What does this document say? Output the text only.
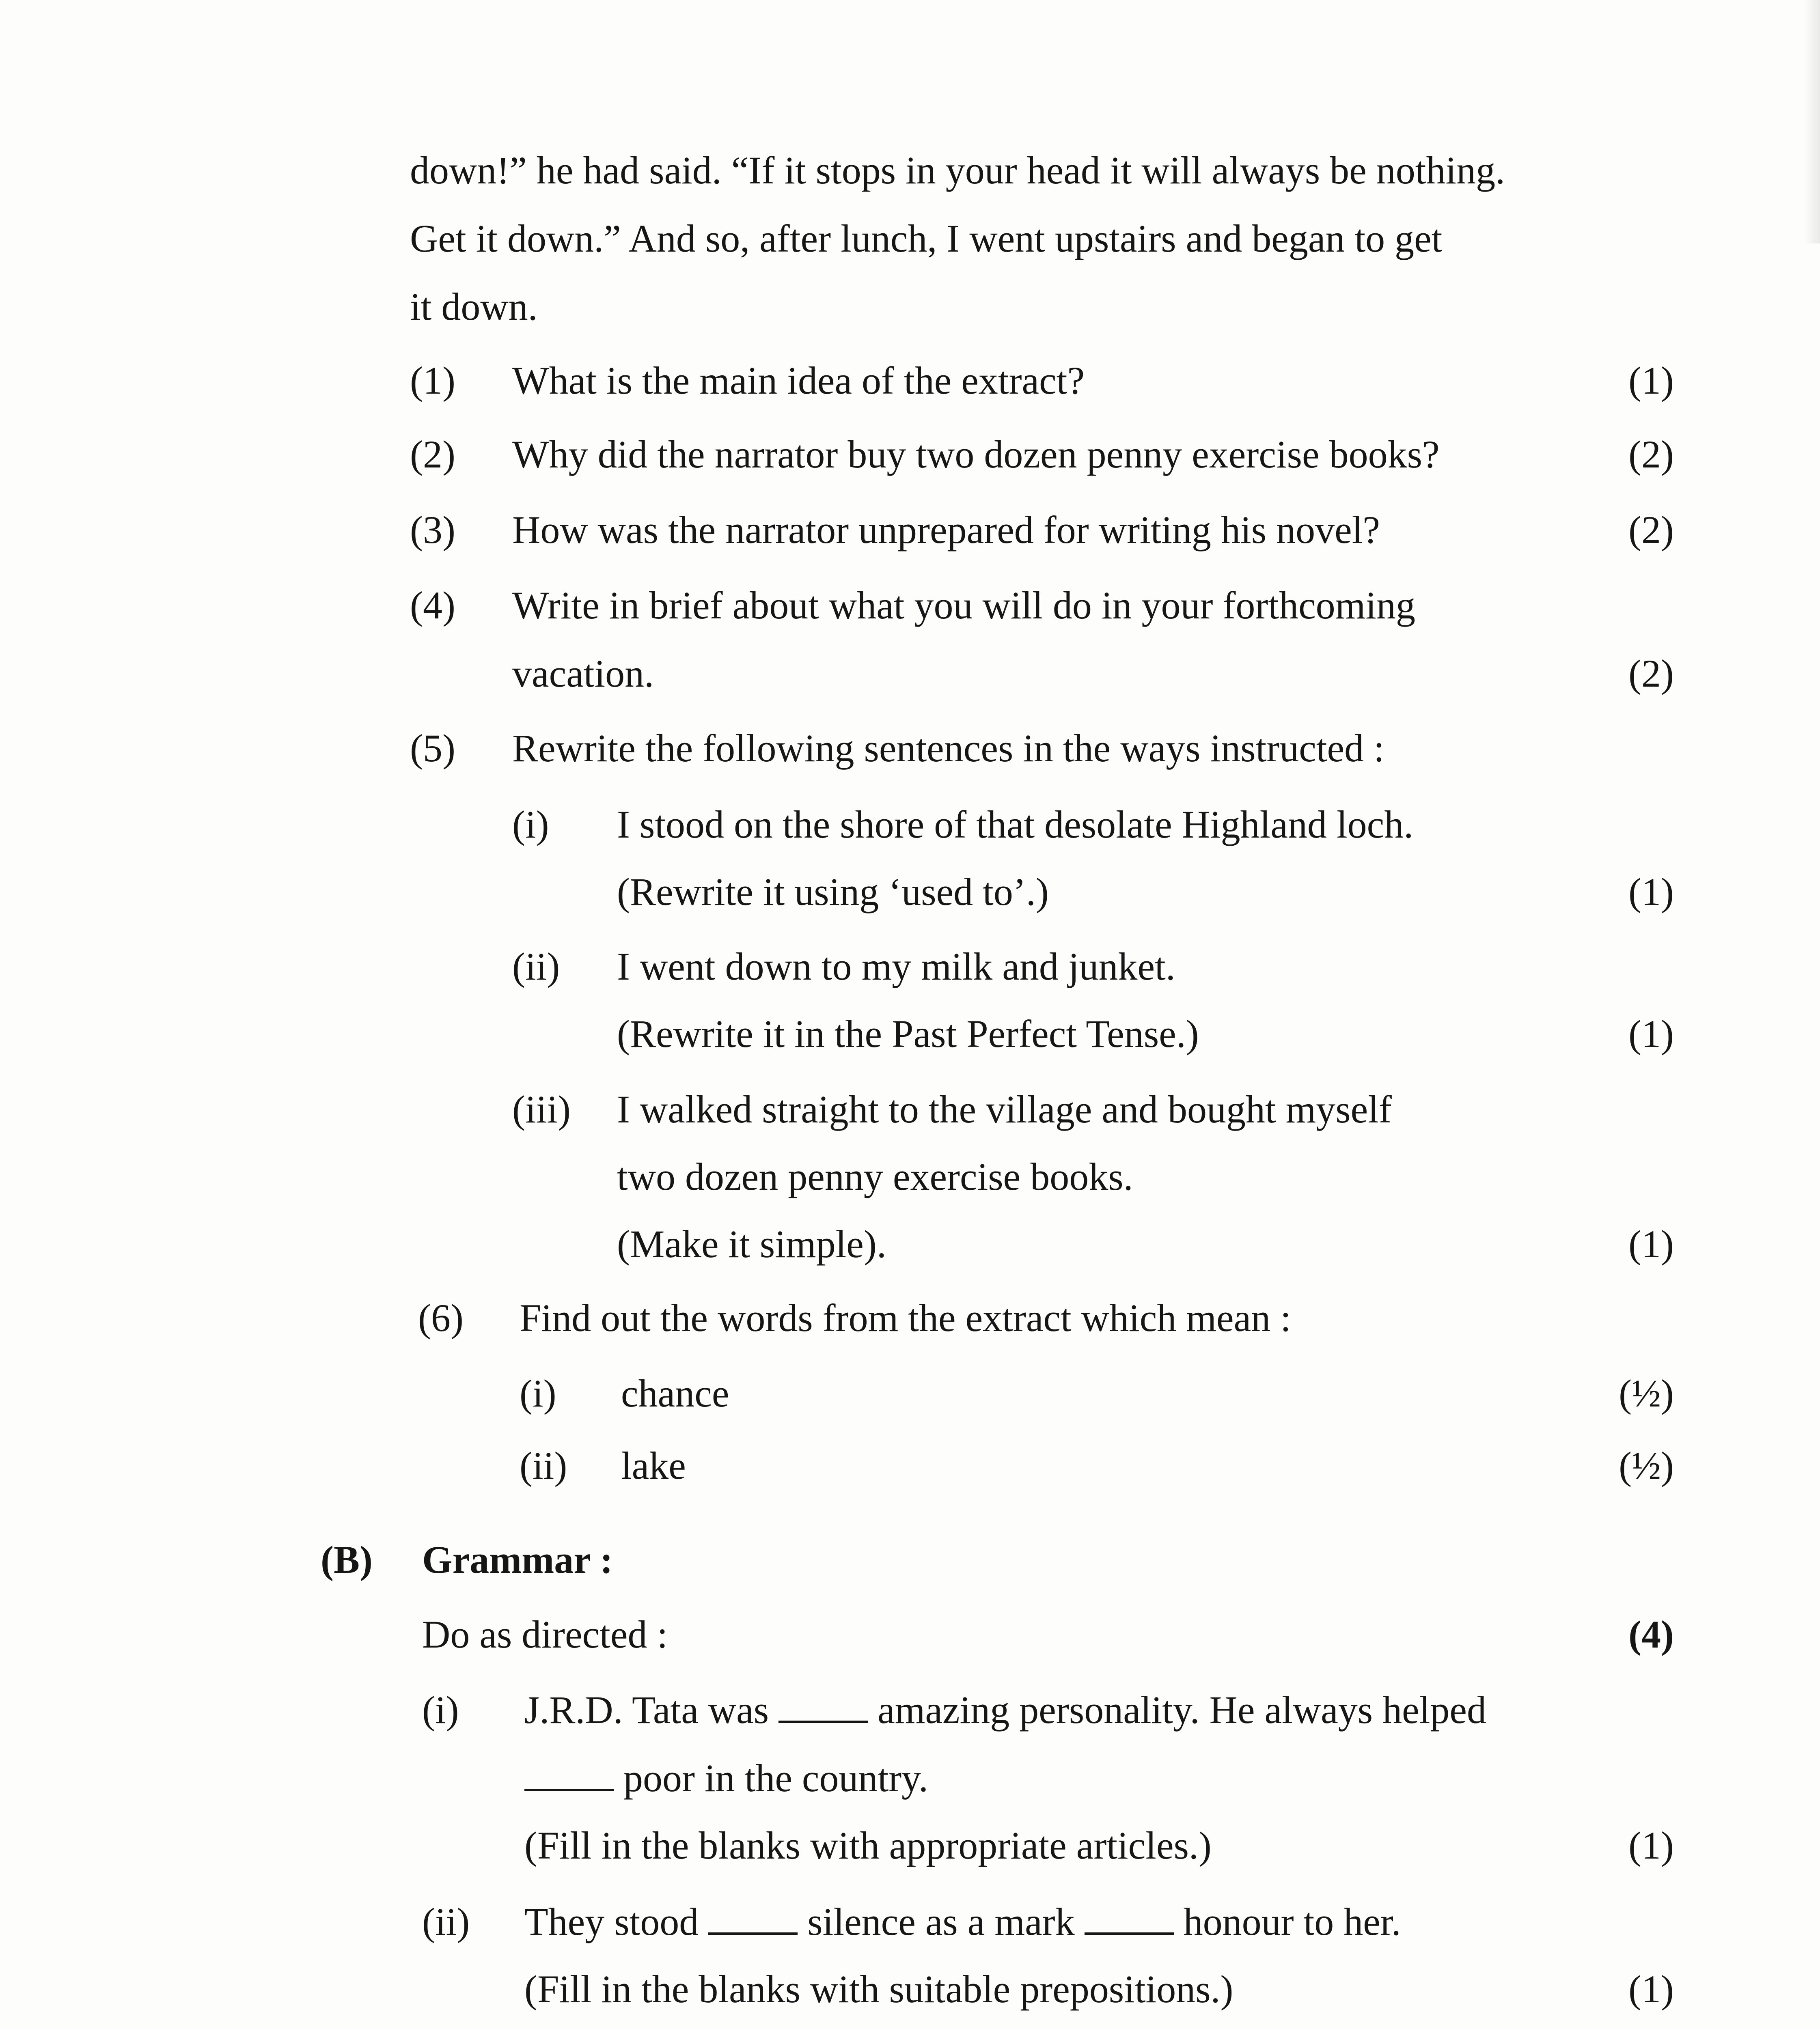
down!” he had said. “If it stops in your head it will always be nothing.
Get it down.” And so, after lunch, I went upstairs and began to get
it down.
(1) What is the main idea of the extract?	(1)
(2) Why did the narrator buy two dozen penny exercise books?	(2)
(3) How was the narrator unprepared for writing his novel?	(2)
(4) Write in brief about what you will do in your forthcoming
vacation.	(2)
(5) Rewrite the following sentences in the ways instructed :
(i) I stood on the shore of that desolate Highland loch.
(Rewrite it using ‘used to’.)	(1)
(ii) I went down to my milk and junket.
(Rewrite it in the Past Perfect Tense.)	(1)
(iii) I walked straight to the village and bought myself
two dozen penny exercise books.
(Make it simple).	(1)
(6) Find out the words from the extract which mean :
(i) chance	(½)
(ii) lake	(½)
(B) Grammar :
Do as directed :	(4)
(i) J.R.D. Tata was	amazing personality. He always helped
poor in the country.
(Fill in the blanks with appropriate articles.)	(1)
(ii) They stood	silence as a mark	honour to her.
(Fill in the blanks with suitable prepositions.)	(1)
